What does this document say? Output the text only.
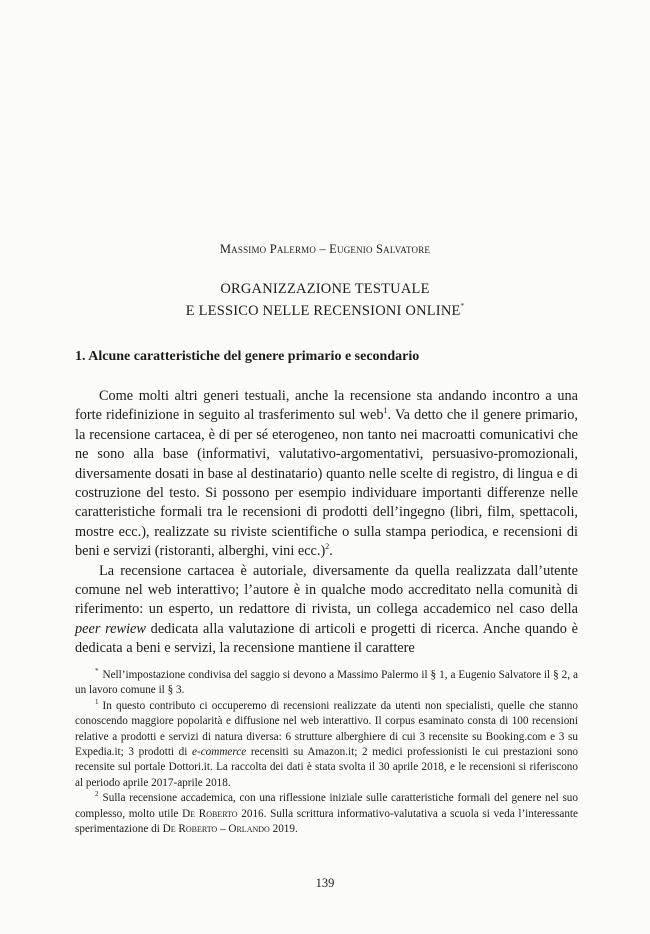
Massimo Palermo – Eugenio Salvatore
ORGANIZZAZIONE TESTUALE
E LESSICO NELLE RECENSIONI ONLINE*
1. Alcune caratteristiche del genere primario e secondario

Come molti altri generi testuali, anche la recensione sta andando incontro a una forte ridefinizione in seguito al trasferimento sul web$^1$. Va detto che il genere primario, la recensione cartacea, è di per sé eterogeneo, non tanto nei macroatti comunicativi che ne sono alla base (informativi, valutativo-argomentativi, persuasivo-promozionali, diversamente dosati in base al destinatario) quanto nelle scelte di registro, di lingua e di costruzione del testo. Si possono per esempio individuare importanti differenze nelle caratteristiche formali tra le recensioni di prodotti dell’ingegno (libri, film, spettacoli, mostre ecc.), realizzate su riviste scientifiche o sulla stampa periodica, e recensioni di beni e servizi (ristoranti, alberghi, vini ecc.)$^2$.

La recensione cartacea è autoriale, diversamente da quella realizzata dall’utente comune nel web interattivo; l’autore è in qualche modo accreditato nella comunità di riferimento: un esperto, un redattore di rivista, un collega accademico nel caso della peer rewiew dedicata alla valutazione di articoli e progetti di ricerca. Anche quando è dedicata a beni e servizi, la recensione mantiene il carattere

* Nell’impostazione condivisa del saggio si devono a Massimo Palermo il § 1, a Eugenio Salvatore il § 2, a un lavoro comune il § 3.

$^1$ In questo contributo ci occuperemo di recensioni realizzate da utenti non specialisti, quelle che stanno conoscendo maggiore popolarità e diffusione nel web interattivo. Il corpus esaminato consta di 100 recensioni relative a prodotti e servizi di natura diversa: 6 strutture alberghiere di cui 3 recensite su Booking.com e 3 su Expedia.it; 3 prodotti di e-commerce recensiti su Amazon.it; 2 medici professionisti le cui prestazioni sono recensite sul portale Dottori.it. La raccolta dei dati è stata svolta il 30 aprile 2018, e le recensioni si riferiscono al periodo aprile 2017-aprile 2018.

$^2$ Sulla recensione accademica, con una riflessione iniziale sulle caratteristiche formali del genere nel suo complesso, molto utile De Roberto 2016. Sulla scrittura informativo-valutativa a scuola si veda l’interessante sperimentazione di De Roberto – Orlando 2019.

139
